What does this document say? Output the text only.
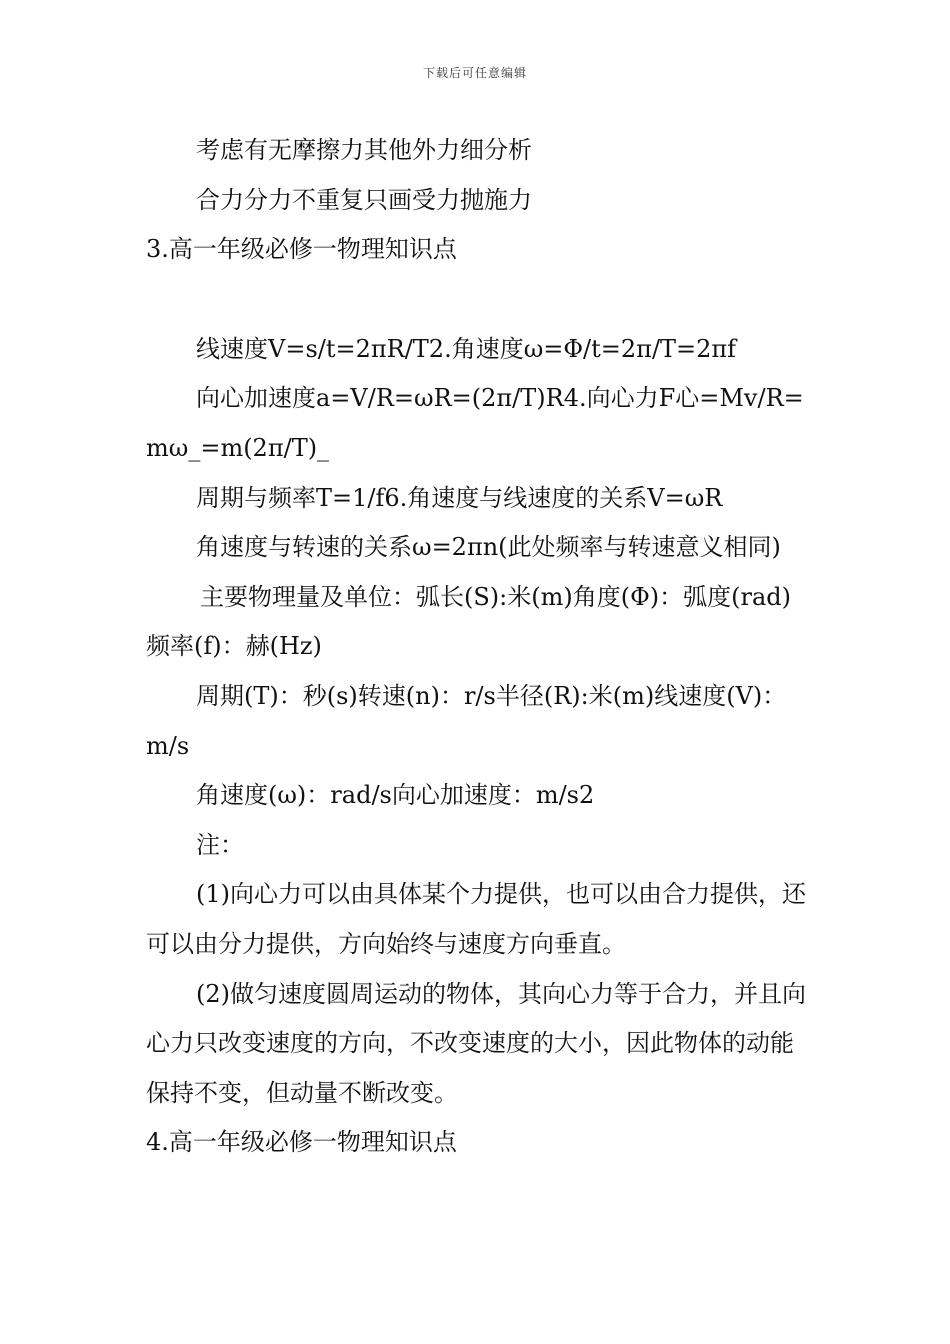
下载后可任意编辑

考虑有无摩擦力其他外力细分析

合力分力不重复只画受力抛施力

3.高一年级必修一物理知识点

线速度V=s/t=2πR/T2.角速度ω=Φ/t=2π/T=2πf

向心加速度a=V/R=ωR=(2π/T)R4.向心力F心=Mv/R=mω_=m(2π/T)_

周期与频率T=1/f6.角速度与线速度的关系V=ωR

角速度与转速的关系ω=2πn(此处频率与转速意义相同)

主要物理量及单位：弧长(S):米(m)角度(Φ)：弧度(rad)频率(f)：赫(Hz)

周期(T)：秒(s)转速(n)：r/s半径(R):米(m)线速度(V)：m/s

角速度(ω)：rad/s向心加速度：m/s2

注：

(1)向心力可以由具体某个力提供，也可以由合力提供，还可以由分力提供，方向始终与速度方向垂直。

(2)做匀速度圆周运动的物体，其向心力等于合力，并且向心力只改变速度的方向，不改变速度的大小，因此物体的动能保持不变，但动量不断改变。

4.高一年级必修一物理知识点
